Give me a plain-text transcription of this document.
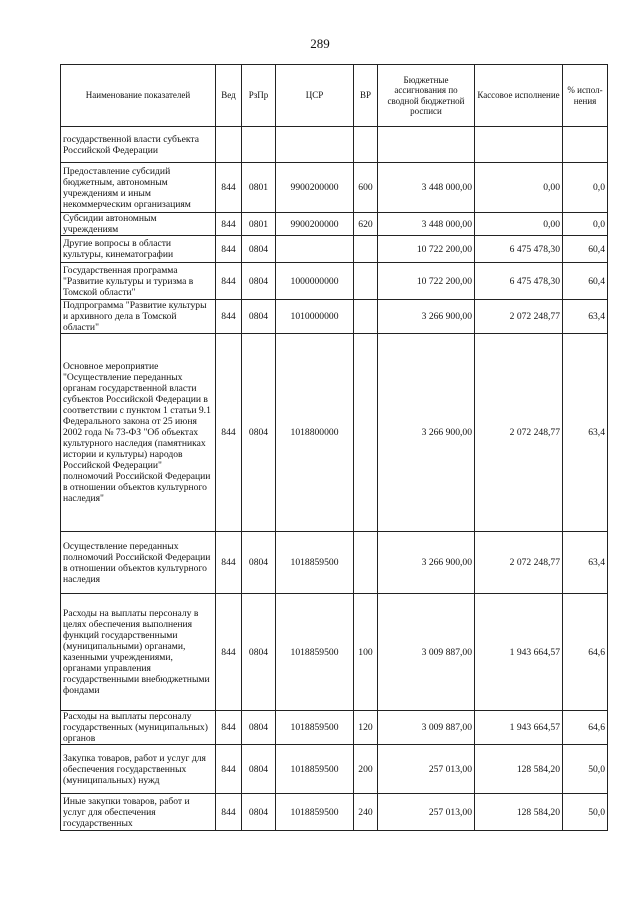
289
Наименование показателей	Вед	РзПр	ЦСР	ВР	Бюджетные ассигнования по сводной бюджетной росписи	Кассовое исполнение	% испол-нения
государственной власти субъекта Российской Федерации							
Предоставление субсидий бюджетным, автономным учреждениям и иным некоммерческим организациям	844	0801	9900200000	600	3 448 000,00	0,00	0,0
Субсидии автономным учреждениям	844	0801	9900200000	620	3 448 000,00	0,00	0,0
Другие вопросы в области культуры, кинематографии	844	0804			10 722 200,00	6 475 478,30	60,4
Государственная программа "Развитие культуры и туризма в Томской области"	844	0804	1000000000		10 722 200,00	6 475 478,30	60,4
Подпрограмма "Развитие культуры и архивного дела в Томской области"	844	0804	1010000000		3 266 900,00	2 072 248,77	63,4
Основное мероприятие "Осуществление переданных органам государственной власти субъектов Российской Федерации в соответствии с пунктом 1 статьи 9.1 Федерального закона от 25 июня 2002 года № 73-ФЗ "Об объектах культурного наследия (памятниках истории и культуры) народов Российской Федерации" полномочий Российской Федерации в отношении объектов культурного наследия"	844	0804	1018800000		3 266 900,00	2 072 248,77	63,4
Осуществление переданных полномочий Российской Федерации в отношении объектов культурного наследия	844	0804	1018859500		3 266 900,00	2 072 248,77	63,4
Расходы на выплаты персоналу в целях обеспечения выполнения функций государственными (муниципальными) органами, казенными учреждениями, органами управления государственными внебюджетными фондами	844	0804	1018859500	100	3 009 887,00	1 943 664,57	64,6
Расходы на выплаты персоналу государственных (муниципальных) органов	844	0804	1018859500	120	3 009 887,00	1 943 664,57	64,6
Закупка товаров, работ и услуг для обеспечения государственных (муниципальных) нужд	844	0804	1018859500	200	257 013,00	128 584,20	50,0
Иные закупки товаров, работ и услуг для обеспечения государственных	844	0804	1018859500	240	257 013,00	128 584,20	50,0
